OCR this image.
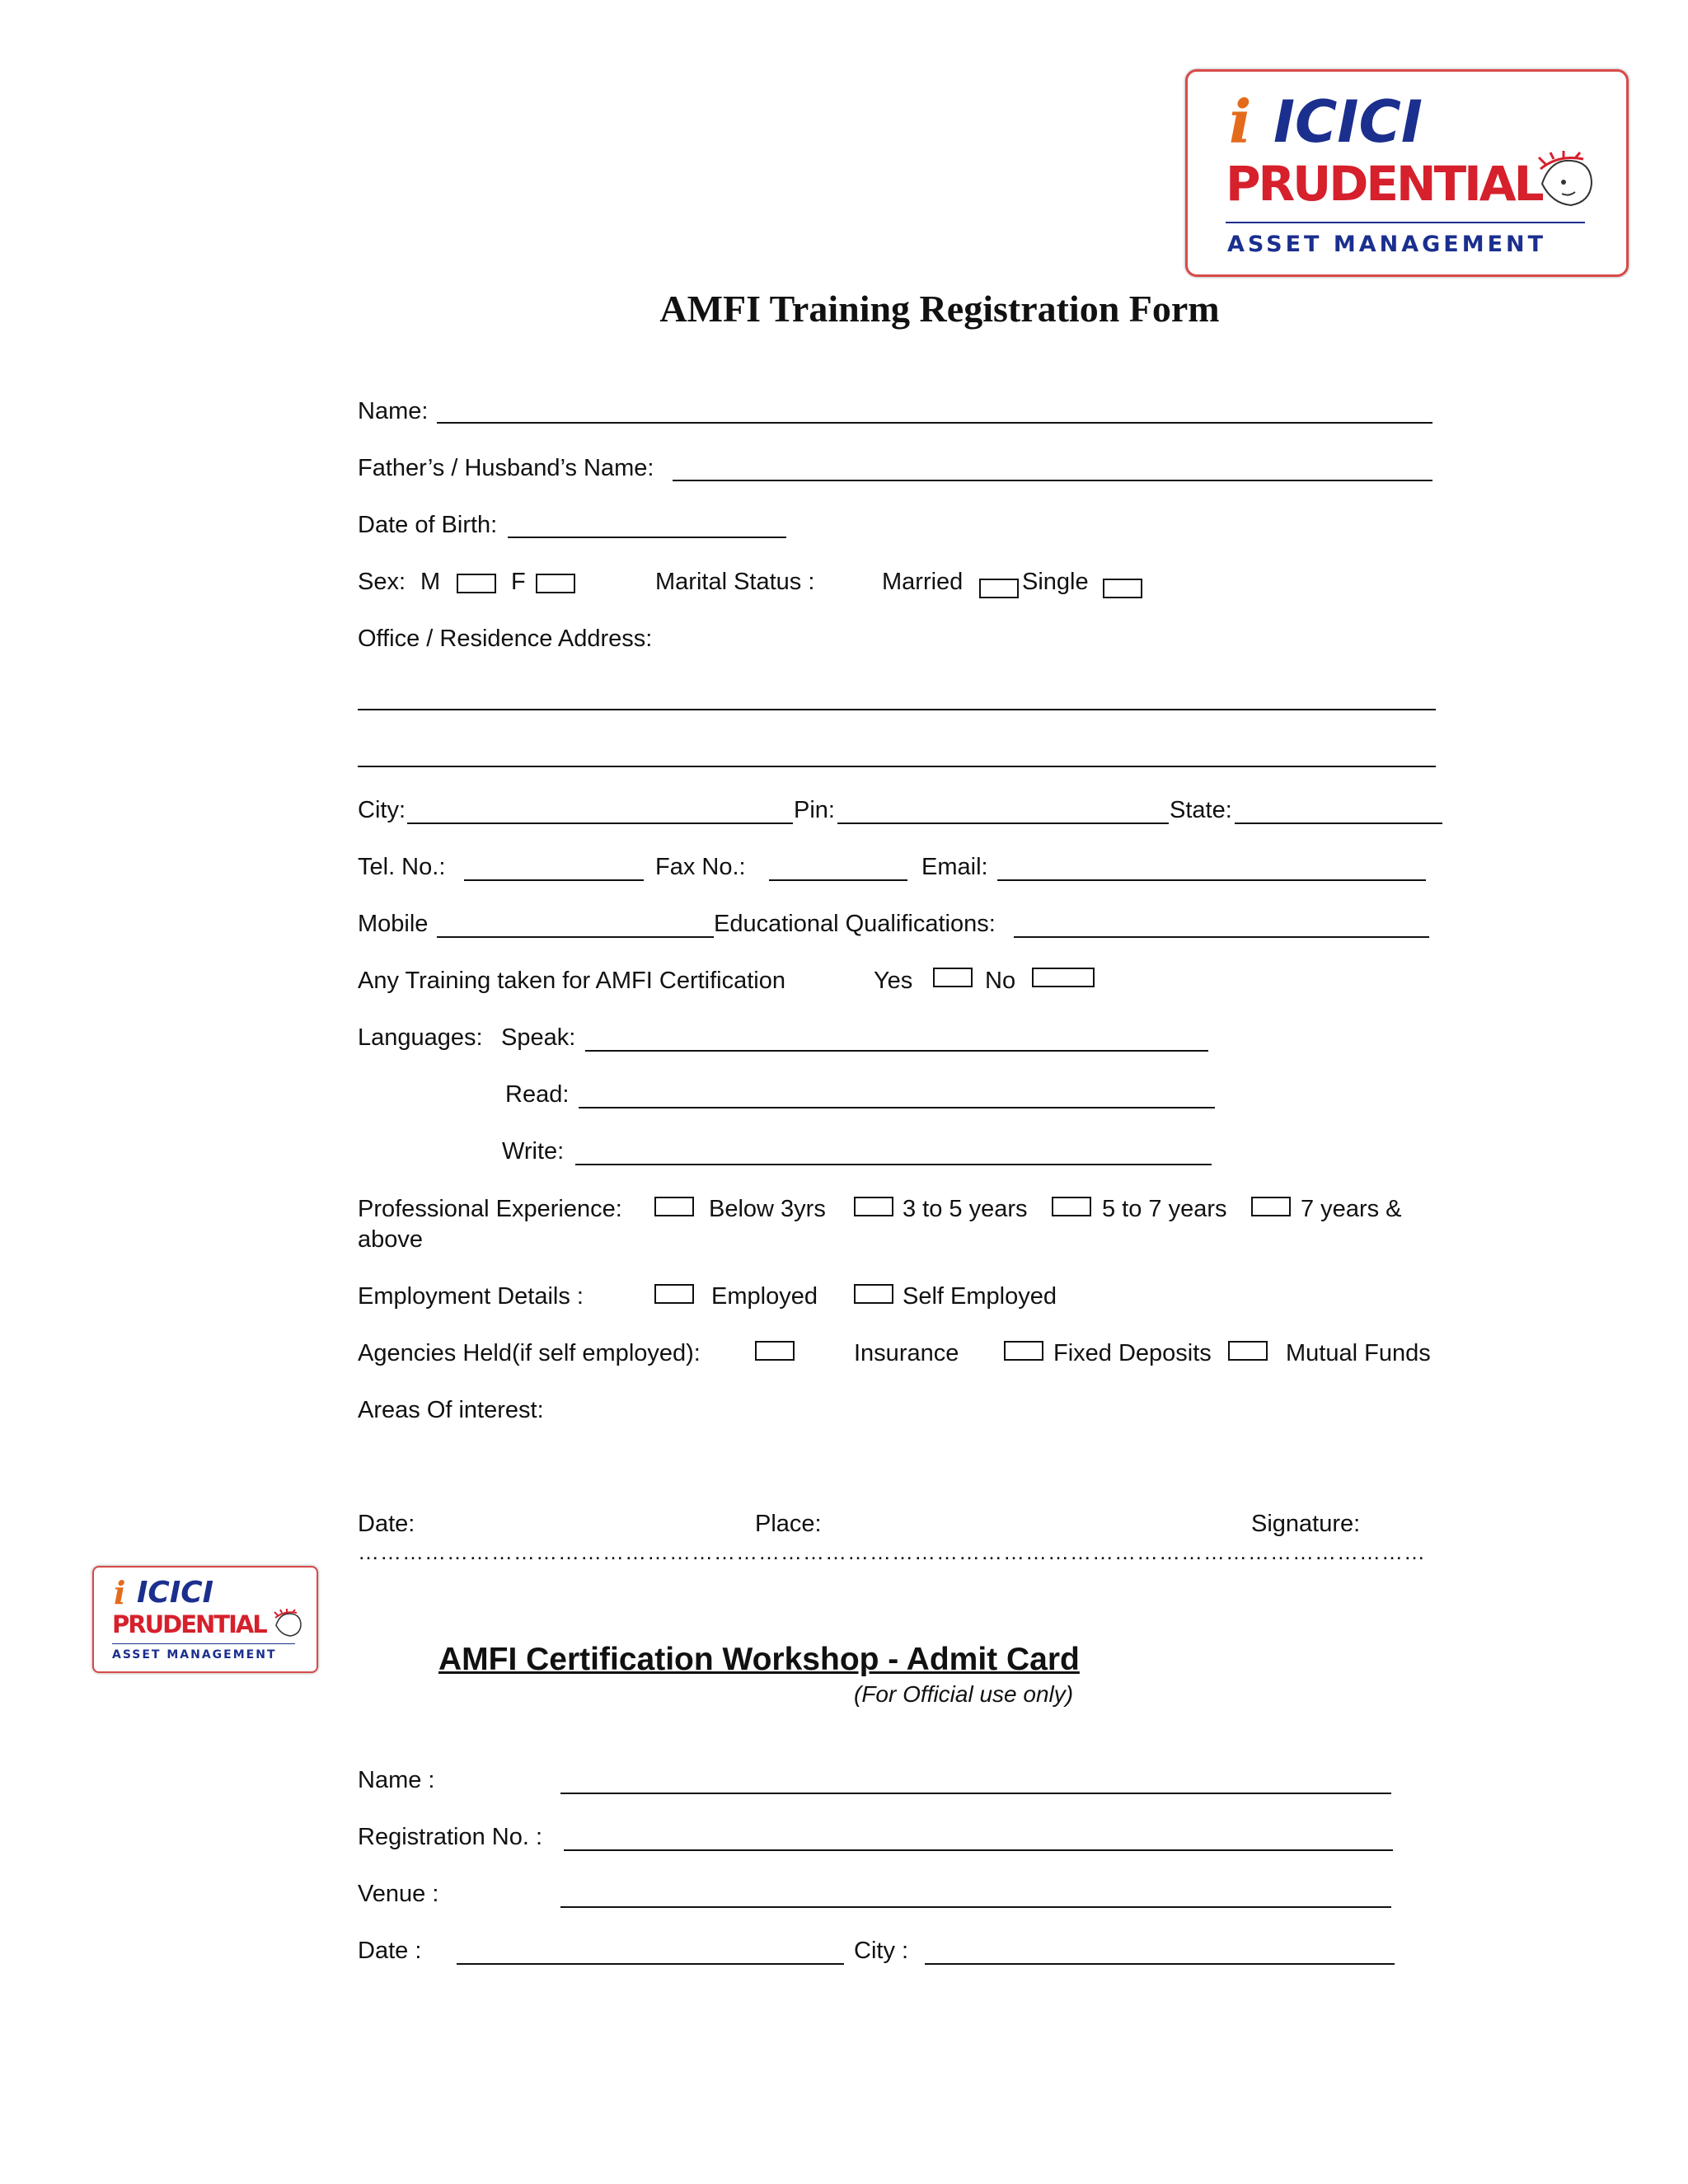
i ICICI
PRUDENTIAL
ASSET MANAGEMENT
AMFI Training Registration Form
Name:
Father’s / Husband’s Name:
Date of Birth:
Sex: M	F	Marital Status :	Married Single
Office / Residence Address:
City:	Pin:	State:
Tel. No.:	Fax No.:	Email:
Mobile	Educational Qualifications:
Any Training taken for AMFI Certification	Yes	No
Languages: Speak:
Read:
Write:
Professional Experience:	Below 3yrs	3 to 5 years	5 to 7 years	7 years &
above
Employment Details :	Employed	Self Employed
Agencies Held(if self employed):	Insurance	Fixed Deposits	Mutual Funds
Areas Of interest:
Date:	Place:	Signature:
………………………………………………………………………………………………………………………………
i ICICI
PRUDENTIAL
ASSET MANAGEMENT	AMFI Certification Workshop - Admit Card
(For Official use only)
Name :
Registration No. :
Venue :
Date :	City :
